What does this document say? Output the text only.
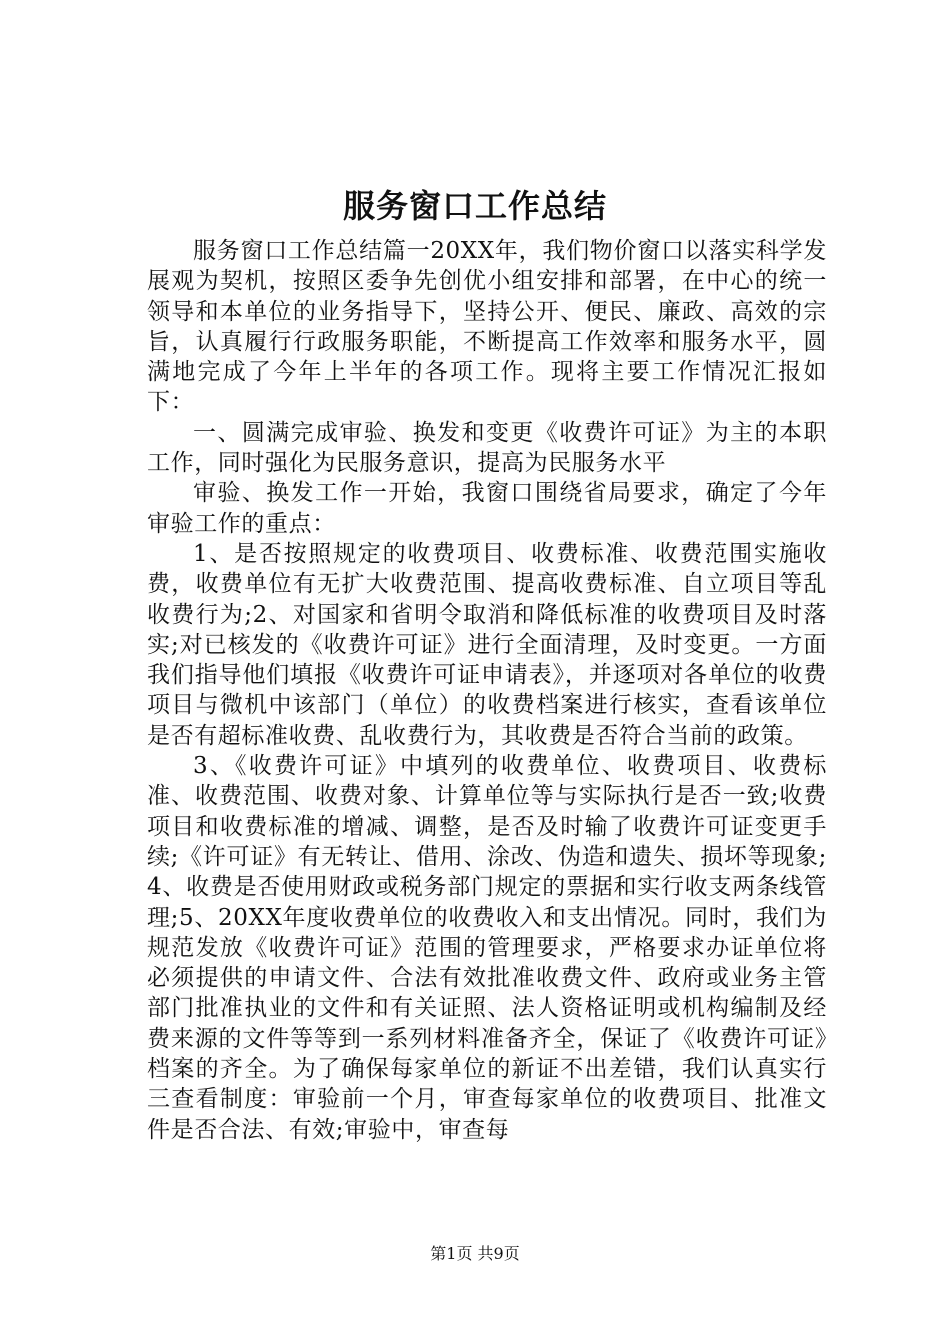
服务窗口工作总结

服务窗口工作总结篇一20XX年，我们物价窗口以落实科学发展观为契机，按照区委争先创优小组安排和部署，在中心的统一领导和本单位的业务指导下，坚持公开、便民、廉政、高效的宗旨，认真履行行政服务职能，不断提高工作效率和服务水平，圆满地完成了今年上半年的各项工作。现将主要工作情况汇报如下：

一、圆满完成审验、换发和变更《收费许可证》为主的本职工作，同时强化为民服务意识，提高为民服务水平

审验、换发工作一开始，我窗口围绕省局要求，确定了今年审验工作的重点：

1、是否按照规定的收费项目、收费标准、收费范围实施收费，收费单位有无扩大收费范围、提高收费标准、自立项目等乱收费行为;2、对国家和省明令取消和降低标准的收费项目及时落实;对已核发的《收费许可证》进行全面清理，及时变更。一方面我们指导他们填报《收费许可证申请表》，并逐项对各单位的收费项目与微机中该部门（单位）的收费档案进行核实，查看该单位是否有超标准收费、乱收费行为，其收费是否符合当前的政策。

3、《收费许可证》中填列的收费单位、收费项目、收费标准、收费范围、收费对象、计算单位等与实际执行是否一致;收费项目和收费标准的增减、调整，是否及时输了收费许可证变更手续;《许可证》有无转让、借用、涂改、伪造和遗失、损坏等现象;4、收费是否使用财政或税务部门规定的票据和实行收支两条线管理;5、20XX年度收费单位的收费收入和支出情况。同时，我们为规范发放《收费许可证》范围的管理要求，严格要求办证单位将必须提供的申请文件、合法有效批准收费文件、政府或业务主管部门批准执业的文件和有关证照、法人资格证明或机构编制及经费来源的文件等等到一系列材料准备齐全，保证了《收费许可证》档案的齐全。为了确保每家单位的新证不出差错，我们认真实行三查看制度：审验前一个月，审查每家单位的收费项目、批准文件是否合法、有效;审验中，审查每

第1页 共9页
